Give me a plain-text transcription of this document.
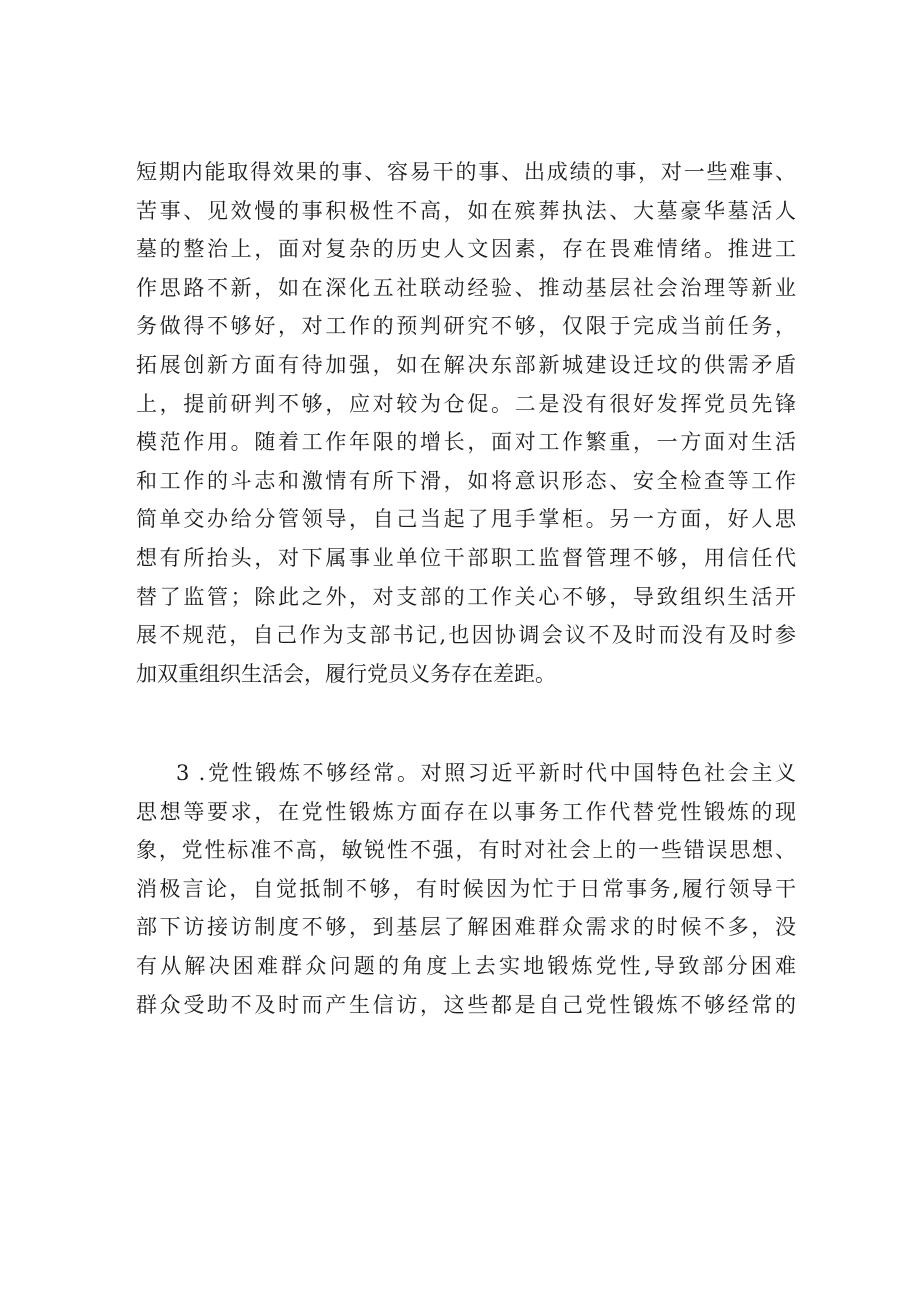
短期内能取得效果的事、容易干的事、出成绩的事，对一些难事、
苦事、见效慢的事积极性不高，如在殡葬执法、大墓豪华墓活人
墓的整治上，面对复杂的历史人文因素，存在畏难情绪。推进工
作思路不新，如在深化五社联动经验、推动基层社会治理等新业
务做得不够好，对工作的预判研究不够，仅限于完成当前任务，
拓展创新方面有待加强，如在解决东部新城建设迁坟的供需矛盾
上，提前研判不够，应对较为仓促。二是没有很好发挥党员先锋
模范作用。随着工作年限的增长，面对工作繁重，一方面对生活
和工作的斗志和激情有所下滑，如将意识形态、安全检查等工作
简单交办给分管领导，自己当起了甩手掌柜。另一方面，好人思
想有所抬头，对下属事业单位干部职工监督管理不够，用信任代
替了监管；除此之外，对支部的工作关心不够，导致组织生活开
展不规范，自己作为支部书记,也因协调会议不及时而没有及时参
加双重组织生活会，履行党员义务存在差距。
3 .党性锻炼不够经常。对照习近平新时代中国特色社会主义
思想等要求，在党性锻炼方面存在以事务工作代替党性锻炼的现
象，党性标准不高，敏锐性不强，有时对社会上的一些错误思想、
消极言论，自觉抵制不够，有时候因为忙于日常事务,履行领导干
部下访接访制度不够，到基层了解困难群众需求的时候不多，没
有从解决困难群众问题的角度上去实地锻炼党性,导致部分困难
群众受助不及时而产生信访，这些都是自己党性锻炼不够经常的
